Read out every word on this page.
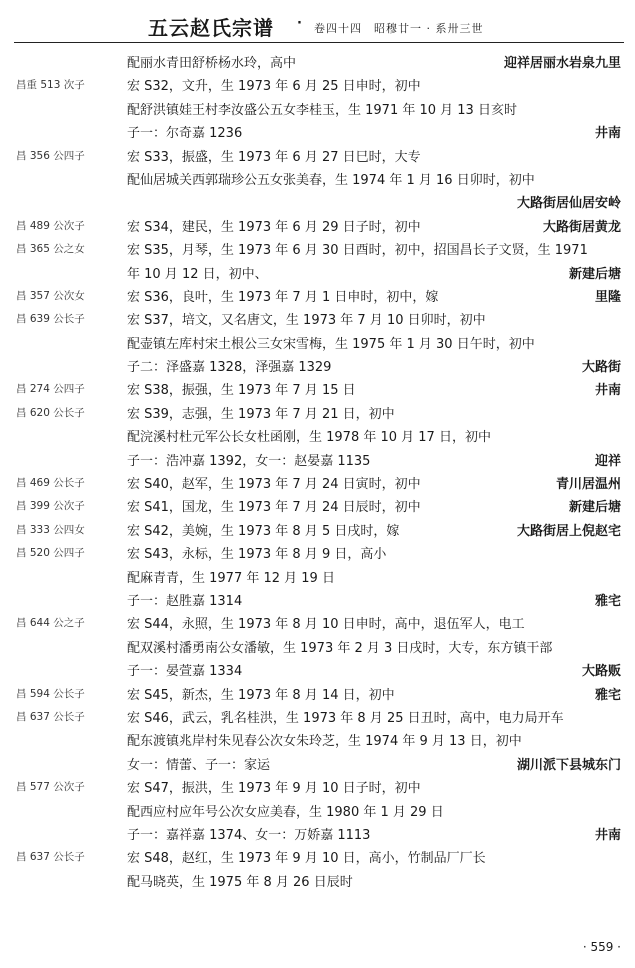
五云赵氏宗谱 · 卷四十四　昭穆廿一 · 系卅三世
配丽水青田舒桥杨水玲，高中	迎祥居丽水岩泉九里
昌重 513 次子	宏 S32，文升，生 1973 年 6 月 25 日申时，初中
配舒洪镇娃王村李汝盛公五女李桂玉，生 1971 年 10 月 13 日亥时
子一：尔奇嘉 1236	井南
昌 356 公四子	宏 S33，振盛，生 1973 年 6 月 27 日巳时，大专
配仙居城关西郭瑞珍公五女张美春，生 1974 年 1 月 16 日卯时，初中
大路街居仙居安岭
昌 489 公次子	宏 S34，建民，生 1973 年 6 月 29 日子时，初中	大路街居黄龙
昌 365 公之女	宏 S35，月琴，生 1973 年 6 月 30 日酉时，初中，招国昌长子文贤，生 1971
年 10 月 12 日，初中、	新建后塘
昌 357 公次女	宏 S36，良叶，生 1973 年 7 月 1 日申时，初中，嫁	里隆
昌 639 公长子	宏 S37，培文，又名唐文，生 1973 年 7 月 10 日卯时，初中
配壶镇左库村宋土根公三女宋雪梅，生 1975 年 1 月 30 日午时，初中
子二：泽盛嘉 1328，泽强嘉 1329	大路街
昌 274 公四子	宏 S38，振强，生 1973 年 7 月 15 日	井南
昌 620 公长子	宏 S39，志强，生 1973 年 7 月 21 日，初中
配浣溪村杜元军公长女杜函刚，生 1978 年 10 月 17 日，初中
子一：浩冲嘉 1392，女一：赵晏嘉 1135	迎祥
昌 469 公长子	宏 S40，赵军，生 1973 年 7 月 24 日寅时，初中	青川居温州
昌 399 公次子	宏 S41，国龙，生 1973 年 7 月 24 日辰时，初中	新建后塘
昌 333 公四女	宏 S42，美婉，生 1973 年 8 月 5 日戌时，嫁	大路街居上倪赵宅
昌 520 公四子	宏 S43，永标，生 1973 年 8 月 9 日，高小
配麻青青，生 1977 年 12 月 19 日
子一：赵胜嘉 1314	雅宅
昌 644 公之子	宏 S44，永照，生 1973 年 8 月 10 日申时，高中，退伍军人，电工
配双溪村潘勇南公女潘敏，生 1973 年 2 月 3 日戌时，大专，东方镇干部
子一：晏萱嘉 1334	大路贩
昌 594 公长子	宏 S45，新杰，生 1973 年 8 月 14 日，初中	雅宅
昌 637 公长子	宏 S46，武云，乳名桂洪，生 1973 年 8 月 25 日丑时，高中，电力局开车
配东渡镇兆岸村朱见春公次女朱玲芝，生 1974 年 9 月 13 日，初中
女一：情蕾、子一：家运	湖川派下县城东门
昌 577 公次子	宏 S47，振洪，生 1973 年 9 月 10 日子时，初中
配西应村应年号公次女应美春，生 1980 年 1 月 29 日
子一：嘉祥嘉 1374、女一：万娇嘉 1113	井南
昌 637 公长子	宏 S48，赵红，生 1973 年 9 月 10 日，高小，竹制品厂厂长
配马晓英，生 1975 年 8 月 26 日辰时
· 559 ·
